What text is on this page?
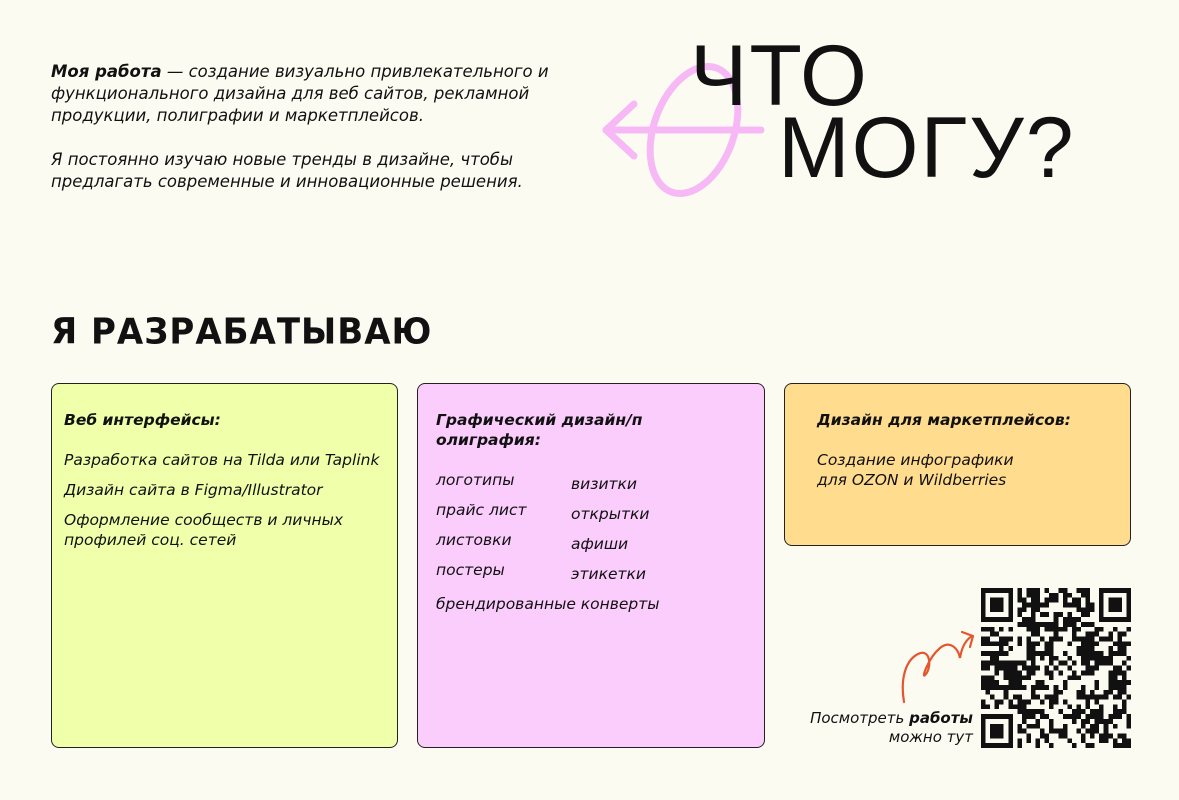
Моя работа — создание визуально привлекательного и функционального дизайна для веб сайтов, рекламной продукции, полиграфии и маркетплейсов.

Я постоянно изучаю новые тренды в дизайне, чтобы предлагать современные и инновационные решения.

ЧТО
МОГУ?
Я РАЗРАБАТЫВАЮ

Веб интерфейсы:

Разработка сайтов на Tilda или Taplink

Дизайн сайта в Figma/Illustrator

Оформление сообществ и личных профилей соц. сетей

Графический дизайн/п олиграфия:

логотипы

прайс лист

листовки

постеры

визитки

открытки

афиши

этикетки

брендированные конверты

Дизайн для маркетплейсов:

Создание инфографики

для OZON и Wildberries

Посмотреть работы
можно тут
